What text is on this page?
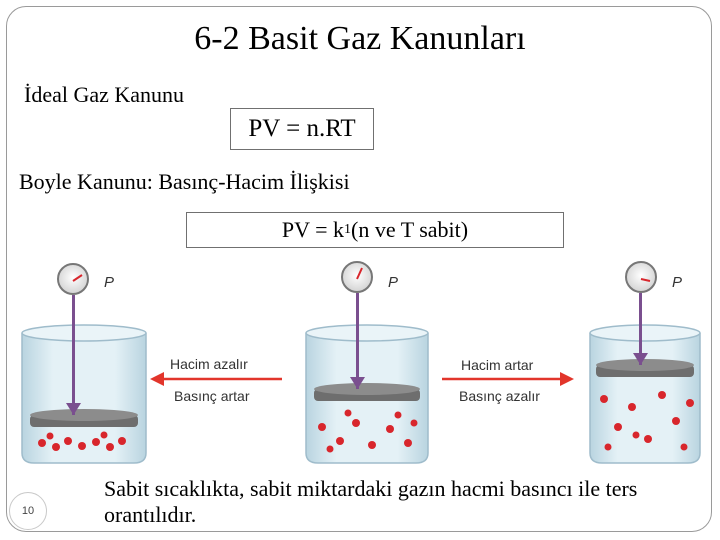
6-2 Basit Gaz Kanunları
İdeal Gaz Kanunu
PV = n.RT
Boyle Kanunu: Basınç-Hacim İlişkisi
PV = k 1 (n ve T sabit)
P
Hacim azalır
Basınç artar
P
Hacim artar
Basınç azalır
P
10
Sabit sıcaklıkta, sabit miktardaki gazın hacmi basıncı ile ters orantılıdır.
